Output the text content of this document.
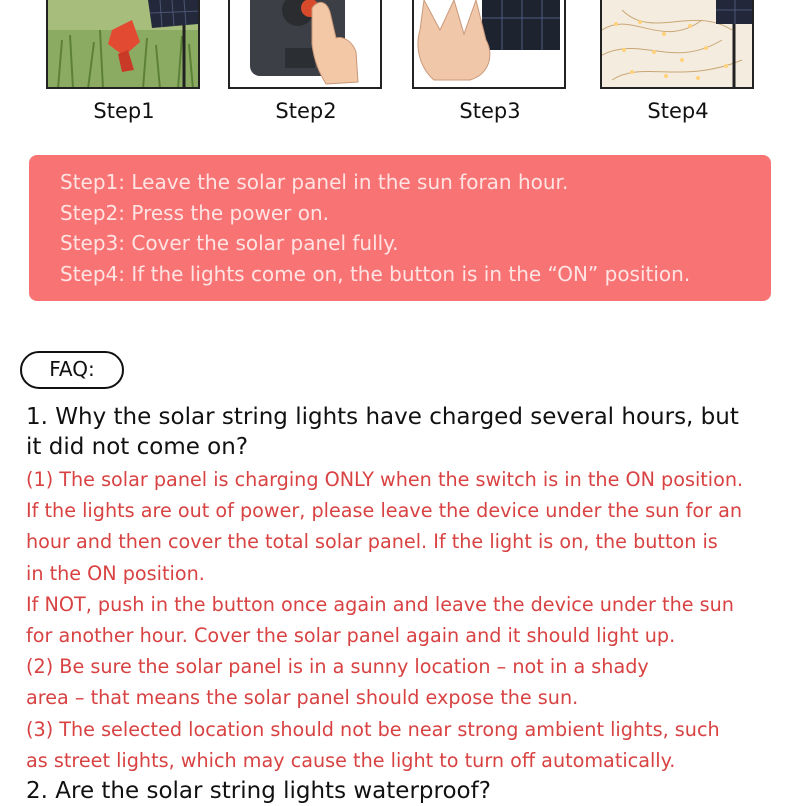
Step1	Step2	Step3	Step4
Step1: Leave the solar panel in the sun foran hour.
Step2: Press the power on.
Step3: Cover the solar panel fully.
Step4: If the lights come on, the button is in the “ON” position.
FAQ:

1. Why the solar string lights have charged several hours, but

it did not come on?

(1) The solar panel is charging ONLY when the switch is in the ON position.

If the lights are out of power, please leave the device under the sun for an

hour and then cover the total solar panel. If the light is on, the button is

in the ON position.

If NOT, push in the button once again and leave the device under the sun

for another hour. Cover the solar panel again and it should light up.

(2) Be sure the solar panel is in a sunny location – not in a shady

area – that means the solar panel should expose the sun.

(3) The selected location should not be near strong ambient lights, such

as street lights, which may cause the light to turn off automatically.

2. Are the solar string lights waterproof?
